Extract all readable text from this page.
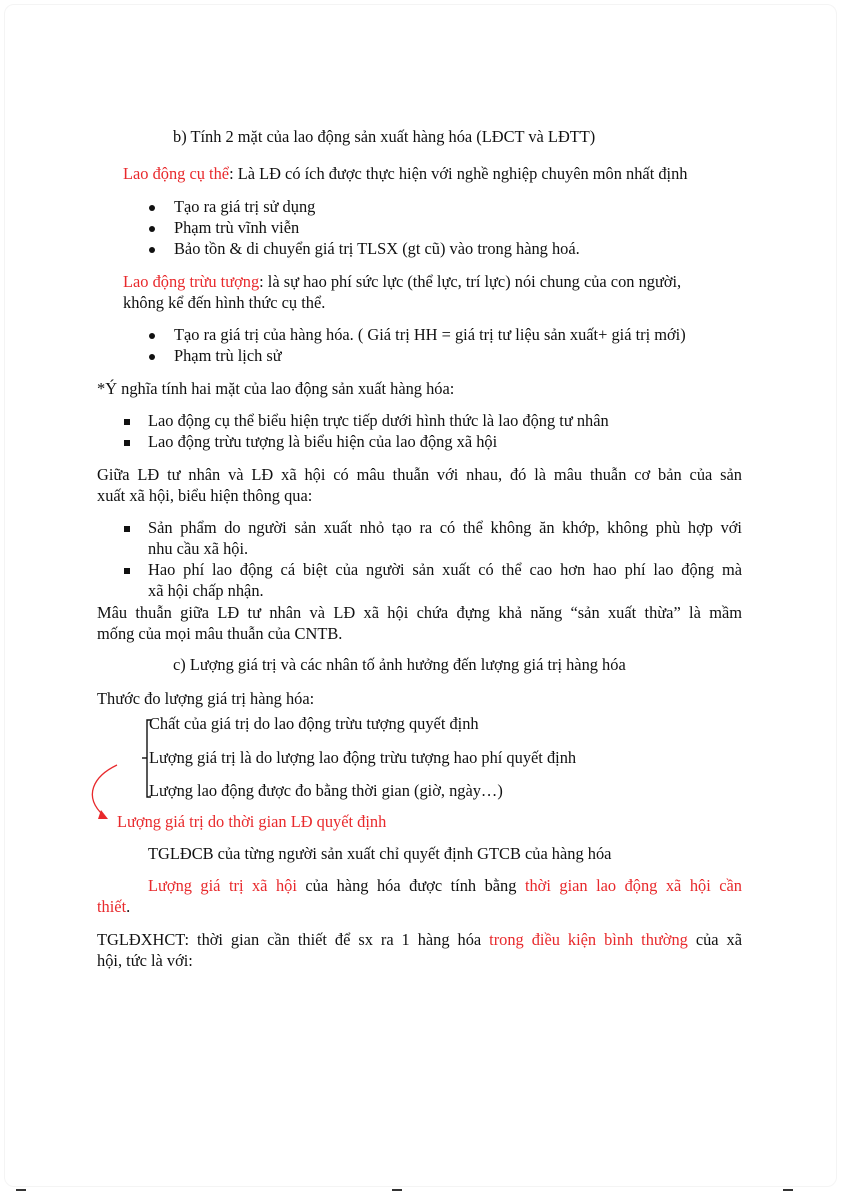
b) Tính 2 mặt của lao động sản xuất hàng hóa (LĐCT và LĐTT)
Lao động cụ thể: Là LĐ có ích được thực hiện với nghề nghiệp chuyên môn nhất định
Tạo ra giá trị sử dụng
Phạm trù vĩnh viễn
Bảo tồn & di chuyển giá trị TLSX (gt cũ) vào trong hàng hoá.
Lao động trừu tượng: là sự hao phí sức lực (thể lực, trí lực) nói chung của con người,
không kể đến hình thức cụ thể.
Tạo ra giá trị của hàng hóa. ( Giá trị HH = giá trị tư liệu sản xuất+ giá trị mới)
Phạm trù lịch sử
*Ý nghĩa tính hai mặt của lao động sản xuất hàng hóa:
Lao động cụ thể biểu hiện trực tiếp dưới hình thức là lao động tư nhân
Lao động trừu tượng là biểu hiện của lao động xã hội
Giữa LĐ tư nhân và LĐ xã hội có mâu thuẫn với nhau, đó là mâu thuẫn cơ bản của sản
xuất xã hội, biểu hiện thông qua:
Sản phẩm do người sản xuất nhỏ tạo ra có thể không ăn khớp, không phù hợp với
nhu cầu xã hội.
Hao phí lao động cá biệt của người sản xuất có thể cao hơn hao phí lao động mà
xã hội chấp nhận.
Mâu thuẫn giữa LĐ tư nhân và LĐ xã hội chứa đựng khả năng “sản xuất thừa” là mầm
mống của mọi mâu thuẫn của CNTB.
c) Lượng giá trị và các nhân tố ảnh hưởng đến lượng giá trị hàng hóa
Thước đo lượng giá trị hàng hóa:
Chất của giá trị do lao động trừu tượng quyết định
Lượng giá trị là do lượng lao động trừu tượng hao phí quyết định
Lượng lao động được đo bằng thời gian (giờ, ngày…)
Lượng giá trị do thời gian LĐ quyết định
TGLĐCB của từng người sản xuất chỉ quyết định GTCB của hàng hóa
Lượng giá trị xã hội của hàng hóa được tính bằng thời gian lao động xã hội cần
thiết.
TGLĐXHCT: thời gian cần thiết để sx ra 1 hàng hóa trong điều kiện bình thường của xã
hội, tức là với:
